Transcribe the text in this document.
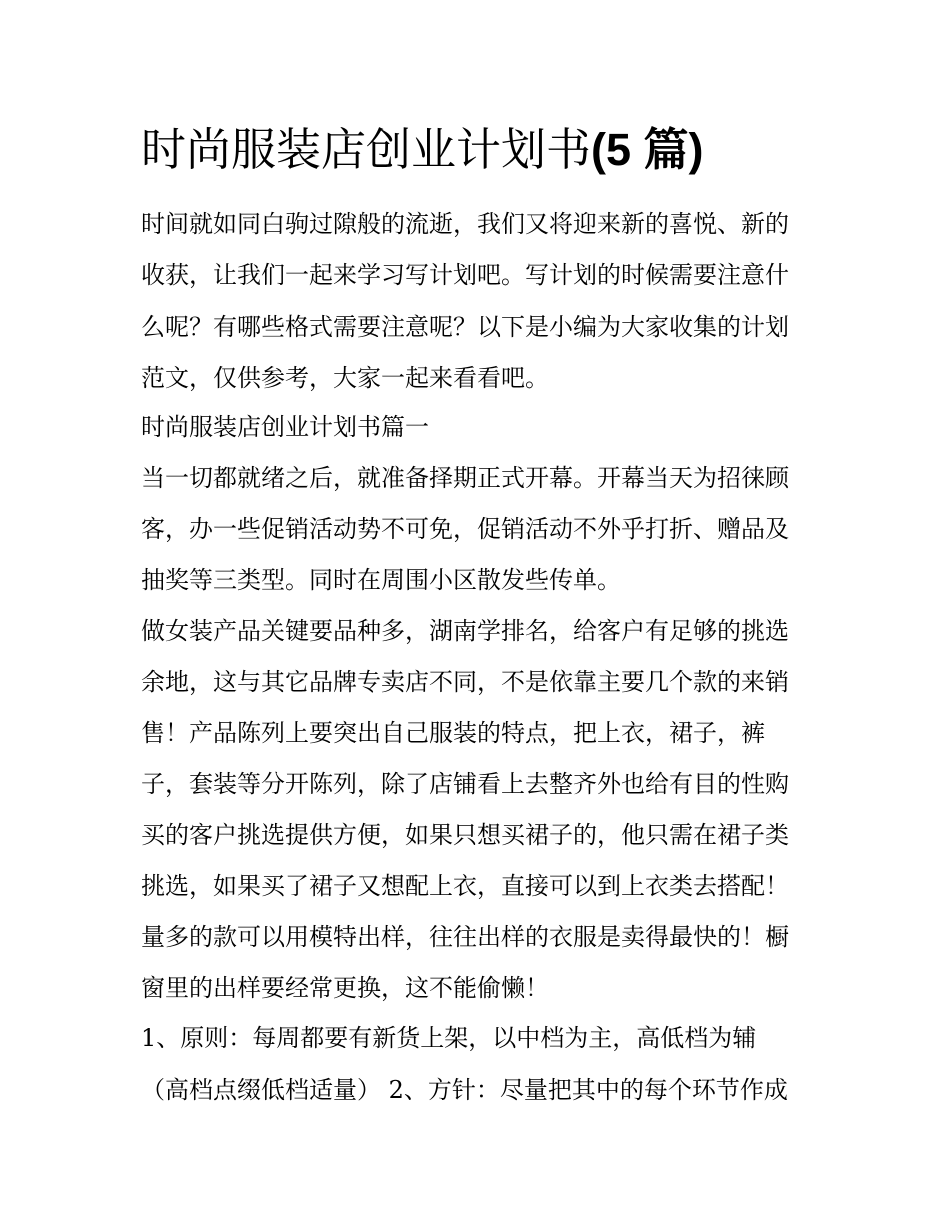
时尚服装店创业计划书(5 篇)
时间就如同白驹过隙般的流逝，我们又将迎来新的喜悦、新的
收获，让我们一起来学习写计划吧。写计划的时候需要注意什
么呢？有哪些格式需要注意呢？以下是小编为大家收集的计划
范文，仅供参考，大家一起来看看吧。
时尚服装店创业计划书篇一
当一切都就绪之后，就准备择期正式开幕。开幕当天为招徕顾
客，办一些促销活动势不可免，促销活动不外乎打折、赠品及
抽奖等三类型。同时在周围小区散发些传单。
做女装产品关键要品种多，湖南学排名，给客户有足够的挑选
余地，这与其它品牌专卖店不同，不是依靠主要几个款的来销
售！产品陈列上要突出自己服装的特点，把上衣，裙子，裤
子，套装等分开陈列，除了店铺看上去整齐外也给有目的性购
买的客户挑选提供方便，如果只想买裙子的，他只需在裙子类
挑选，如果买了裙子又想配上衣，直接可以到上衣类去搭配！
量多的款可以用模特出样，往往出样的衣服是卖得最快的！橱
窗里的出样要经常更换，这不能偷懒！
1、原则：每周都要有新货上架，以中档为主，高低档为辅
（高档点缀低档适量） 2、方针：尽量把其中的每个环节作成
